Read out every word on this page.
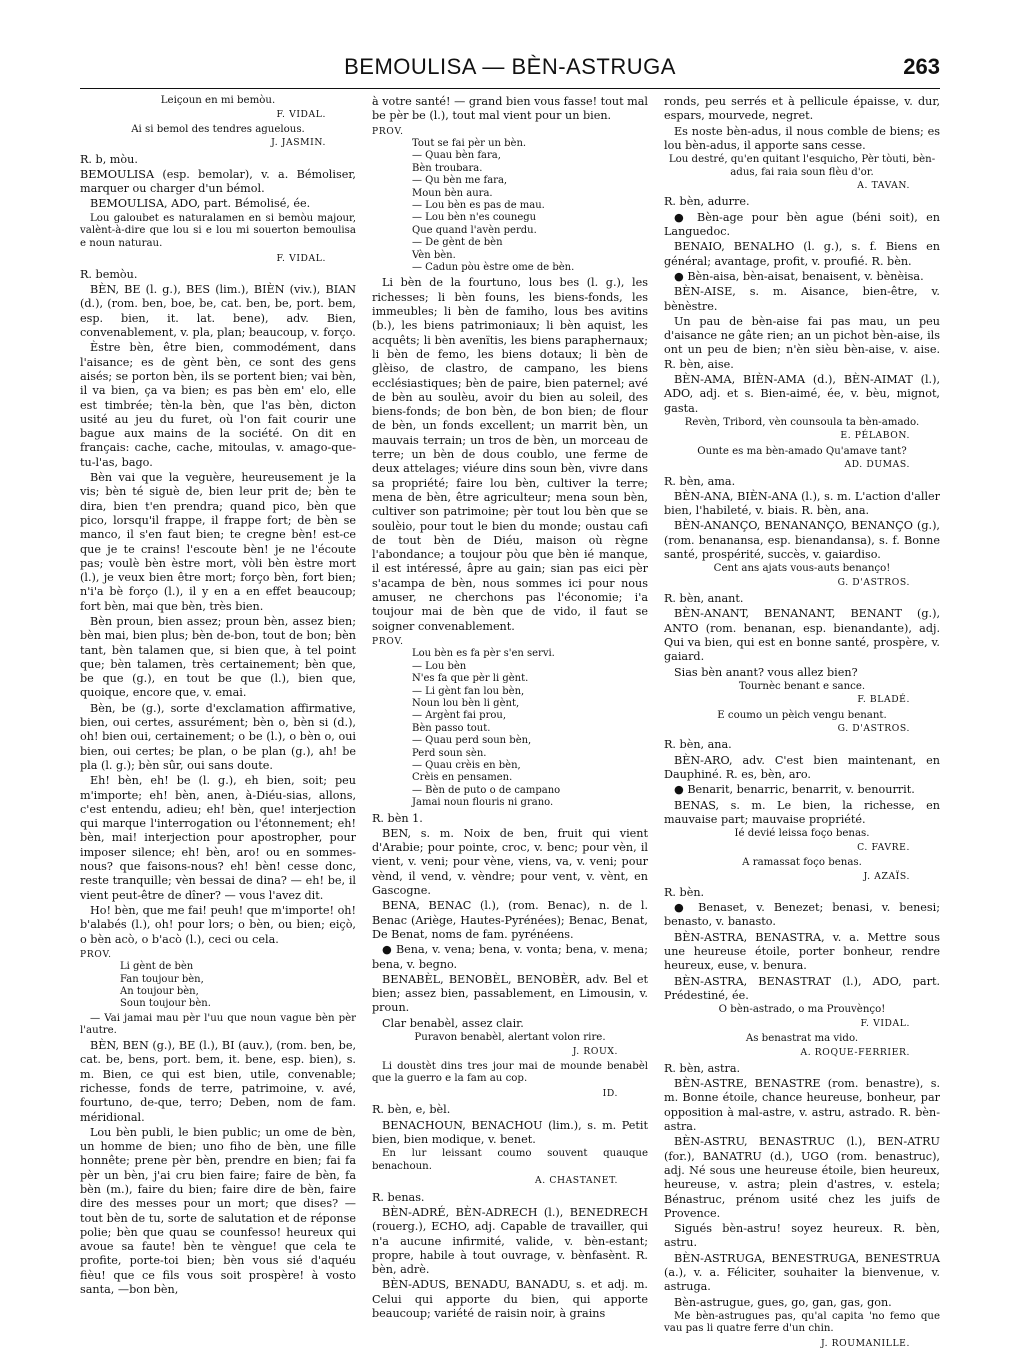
BEMOULISA — BÈN-ASTRUGA	263

Leiçoun en mi bemòu.

F. VIDAL.

Ai si bemol des tendres aguelous.

J. JASMIN.

R. b, mòu.

BEMOULISA (esp. bemolar), v. a. Bémoliser, marquer ou charger d'un bémol.

BEMOULISA, ADO, part. Bémolisé, ée.

Lou galoubet es naturalamen en si bemòu majour, valènt-à-dire que lou si e lou mi souerton bemoulisa e noun naturau.

F. VIDAL.

R. bemòu.

BÈN, BE (l. g.), BES (lim.), BIÈN (viv.), BIAN (d.), (rom. ben, boe, be, cat. ben, be, port. bem, esp. bien, it. lat. bene), adv. Bien, convenablement, v. pla, plan; beaucoup, v. forço.

Èstre bèn, être bien, commodément, dans l'aisance; es de gènt bèn, ce sont des gens aisés; se porton bèn, ils se portent bien; vai bèn, il va bien, ça va bien; es pas bèn em' elo, elle est timbrée; tèn-la bèn, que l'as bèn, dicton usité au jeu du furet, où l'on fait courir une bague aux mains de la société. On dit en français: cache, cache, mitoulas, v. amago-que-tu-l'as, bago.

Bèn vai que la veguère, heureusement je la vis; bèn té siguè de, bien leur prit de; bèn te dira, bien t'en prendra; quand pico, bèn que pico, lorsqu'il frappe, il frappe fort; de bèn se manco, il s'en faut bien; te cregne bèn! est-ce que je te crains! l'escoute bèn! je ne l'écoute pas; voulè bèn èstre mort, vòli bèn èstre mort (l.), je veux bien être mort; forço bèn, fort bien; n'i'a bè forço (l.), il y en a en effet beaucoup; fort bèn, mai que bèn, très bien.

Bèn proun, bien assez; proun bèn, assez bien; bèn mai, bien plus; bèn de-bon, tout de bon; bèn tant, bèn talamen que, si bien que, à tel point que; bèn talamen, très certainement; bèn que, be que (g.), en tout be que (l.), bien que, quoique, encore que, v. emai.

Bèn, be (g.), sorte d'exclamation affirmative, bien, oui certes, assurément; bèn o, bèn si (d.), oh! bien oui, certainement; o be (l.), o bèn o, oui bien, oui certes; be plan, o be plan (g.), ah! be pla (l. g.); bèn sûr, oui sans doute.

Eh! bèn, eh! be (l. g.), eh bien, soit; peu m'importe; eh! bèn, anen, à-Diéu-sias, allons, c'est entendu, adieu; eh! bèn, que! interjection qui marque l'interrogation ou l'étonnement; eh! bèn, mai! interjection pour apostropher, pour imposer silence; eh! bèn, aro! ou en sommes-nous? que faisons-nous? eh! bèn! cesse donc, reste tranquille; vèn bessai de dina? — eh! be, il vient peut-être de dîner? — vous l'avez dit.

Ho! bèn, que me fai! peuh! que m'importe! oh! b'alabés (l.), oh! pour lors; o bèn, ou bien; eiçò, o bèn acò, o b'acò (l.), ceci ou cela.

PROV.
Li gènt de bèn
Fan toujour bèn,
An toujour bèn,
Soun toujour bèn.

— Vai jamai mau pèr l'uu que noun vague bèn pèr l'autre.

BÈN, BEN (g.), BE (l.), BI (auv.), (rom. ben, be, cat. be, bens, port. bem, it. bene, esp. bien), s. m. Bien, ce qui est bien, utile, convenable; richesse, fonds de terre, patrimoine, v. avé, fourtuno, de-que, terro; Deben, nom de fam. méridional.

Lou bèn publi, le bien public; un ome de bèn, un homme de bien; uno fiho de bèn, une fille honnête; prene pèr bèn, prendre en bien; fai fa pèr un bèn, j'ai cru bien faire; faire de bèn, fa bèn (m.), faire du bien; faire dire de bèn, faire dire des messes pour un mort; que dises? — tout bèn de tu, sorte de salutation et de réponse polie; bèn que quau se counfesso! heureux qui avoue sa faute! bèn te vèngue! que cela te profite, porte-toi bien; bèn vous sié d'aquéu fièu! que ce fils vous soit prospère! à vosto santa, —bon bèn,

à votre santé! — grand bien vous fasse! tout mal be pèr be (l.), tout mal vient pour un bien.

PROV.
Tout se fai pèr un bèn.
— Quau bèn fara,
Bèn troubara.
— Qu bèn me fara,
Moun bèn aura.
— Lou bèn es pas de mau.
— Lou bèn n'es counegu
Que quand l'avèn perdu.
— De gènt de bèn
Vèn bèn.
— Cadun pòu èstre ome de bèn.

Li bèn de la fourtuno, lous bes (l. g.), les richesses; li bèn founs, les biens-fonds, les immeubles; li bèn de famiho, lous bes avitins (b.), les biens patrimoniaux; li bèn aquist, les acquêts; li bèn avenïtis, les biens paraphernaux; li bèn de femo, les biens dotaux; li bèn de glèiso, de clastro, de campano, les biens ecclésiastiques; bèn de paire, bien paternel; avé de bèn au soulèu, avoir du bien au soleil, des biens-fonds; de bon bèn, de bon bien; de flour de bèn, un fonds excellent; un marrit bèn, un mauvais terrain; un tros de bèn, un morceau de terre; un bèn de dous coublo, une ferme de deux attelages; viéure dins soun bèn, vivre dans sa propriété; faire lou bèn, cultiver la terre; mena de bèn, être agriculteur; mena soun bèn, cultiver son patrimoine; pèr tout lou bèn que se soulèio, pour tout le bien du monde; oustau cafi de tout bèn de Diéu, maison où règne l'abondance; a toujour pòu que bèn ié manque, il est intéressé, âpre au gain; sian pas eici pèr s'acampa de bèn, nous sommes ici pour nous amuser, ne cherchons pas l'économie; i'a toujour mai de bèn que de vido, il faut se soigner convenablement.

PROV.
Lou bèn es fa pèr s'en servi.
— Lou bèn
N'es fa que pèr li gènt.
— Li gènt fan lou bèn,
Noun lou bèn li gènt,
— Argènt fai prou,
Bèn passo tout.
— Quau perd soun bèn,
Perd soun sèn.
— Quau crèis en bèn,
Crèis en pensamen.
— Bèn de puto o de campano
Jamai noun flouris ni grano.

R. bèn 1.

BEN, s. m. Noix de ben, fruit qui vient d'Arabie; pour pointe, croc, v. benc; pour vèn, il vient, v. veni; pour vène, viens, va, v. veni; pour vènd, il vend, v. vèndre; pour vent, v. vènt, en Gascogne.

BENA, BENAC (l.), (rom. Benac), n. de l. Benac (Ariège, Hautes-Pyrénées); Benac, Benat, De Benat, noms de fam. pyrénéens.

● Bena, v. vena; bena, v. vonta; bena, v. mena; bena, v. begno.

BENABÈL, BENOBÈL, BENOBÈR, adv. Bel et bien; assez bien, passablement, en Limousin, v. proun.

Clar benabèl, assez clair.

Puravon benabèl, alertant volon rire.

J. ROUX.

Li doustèt dins tres jour mai de mounde benabèl que la guerro e la fam au cop.

ID.

R. bèn, e, bèl.

BENACHOUN, BENACHOU (lim.), s. m. Petit bien, bien modique, v. benet.

En lur leissant coumo souvent quauque benachoun.

A. CHASTANET.

R. benas.

BÈN-ADRÉ, BÈN-ADRECH (l.), BENEDRECH (rouerg.), ECHO, adj. Capable de travailler, qui n'a aucune infirmité, valide, v. bèn-estant; propre, habile à tout ouvrage, v. bènfasènt. R. bèn, adrè.

BÈN-ADUS, BENADU, BANADU, s. et adj. m. Celui qui apporte du bien, qui apporte beaucoup; variété de raisin noir, à grains

ronds, peu serrés et à pellicule épaisse, v. dur, espars, mourvede, negret.

Es noste bèn-adus, il nous comble de biens; es lou bèn-adus, il apporte sans cesse.

Lou destré, qu'en quitant l'esquicho, Pèr tòuti, bèn-adus, fai raia soun flèu d'or.

A. TAVAN.

R. bèn, adurre.

● Bèn-age pour bèn ague (béni soit), en Languedoc.

BENAIO, BENALHO (l. g.), s. f. Biens en général; avantage, profit, v. proufié. R. bèn.

● Bèn-aisa, bèn-aisat, benaisent, v. bènèisa.

BÈN-AISE, s. m. Aisance, bien-être, v. bènèstre.

Un pau de bèn-aise fai pas mau, un peu d'aisance ne gâte rien; an un pichot bèn-aise, ils ont un peu de bien; n'èn sièu bèn-aise, v. aise. R. bèn, aise.

BÈN-AMA, BIÈN-AMA (d.), BÈN-AIMAT (l.), ADO, adj. et s. Bien-aimé, ée, v. bèu, mignot, gasta.

Revèn, Tribord, vèn counsoula ta bèn-amado.

E. PÉLABON.

Ounte es ma bèn-amado Qu'amave tant?

AD. DUMAS.

R. bèn, ama.

BÈN-ANA, BIÈN-ANA (l.), s. m. L'action d'aller bien, l'habileté, v. biais. R. bèn, ana.

BÈN-ANANÇO, BENANANÇO, BENANÇO (g.), (rom. benanansa, esp. bienandansa), s. f. Bonne santé, prospérité, succès, v. gaiardiso.

Cent ans ajats vous-auts benanço!

G. D'ASTROS.

R. bèn, anant.

BÈN-ANANT, BENANANT, BENANT (g.), ANTO (rom. benanan, esp. bienandante), adj. Qui va bien, qui est en bonne santé, prospère, v. gaiard.

Sias bèn anant? vous allez bien?

Tournèc benant e sance.

F. BLADÉ.

E coumo un pèich vengu benant.

G. D'ASTROS.

R. bèn, ana.

BÈN-ARO, adv. C'est bien maintenant, en Dauphiné. R. es, bèn, aro.

● Benarit, benarric, benarrit, v. benourrit.

BENAS, s. m. Le bien, la richesse, en mauvaise part; mauvaise propriété.

Ié devié leissa foço benas.

C. FAVRE.

A ramassat foço benas.

J. AZAÏS.

R. bèn.

● Benaset, v. Benezet; benasi, v. benesi; benasto, v. banasto.

BÈN-ASTRA, BENASTRA, v. a. Mettre sous une heureuse étoile, porter bonheur, rendre heureux, euse, v. benura.

BÈN-ASTRA, BENASTRAT (l.), ADO, part. Prédestiné, ée.

O bèn-astrado, o ma Prouvènço!

F. VIDAL.

As benastrat ma vido.

A. ROQUE-FERRIER.

R. bèn, astra.

BÈN-ASTRE, BENASTRE (rom. benastre), s. m. Bonne étoile, chance heureuse, bonheur, par opposition à mal-astre, v. astru, astrado. R. bèn-astra.

BÈN-ASTRU, BENASTRUC (l.), BEN-ATRU (for.), BANATRU (d.), UGO (rom. benastruc), adj. Né sous une heureuse étoile, bien heureux, heureuse, v. astra; plein d'astres, v. estela; Bénastruc, prénom usité chez les juifs de Provence.

Sigués bèn-astru! soyez heureux. R. bèn, astru.

BÈN-ASTRUGA, BENESTRUGA, BENESTRUA (a.), v. a. Féliciter, souhaiter la bienvenue, v. astruga.

Bèn-astrugue, gues, go, gan, gas, gon.

Me bèn-astrugues pas, qu'al capita 'no femo que vau pas li quatre ferre d'un chin.

J. ROUMANILLE.
